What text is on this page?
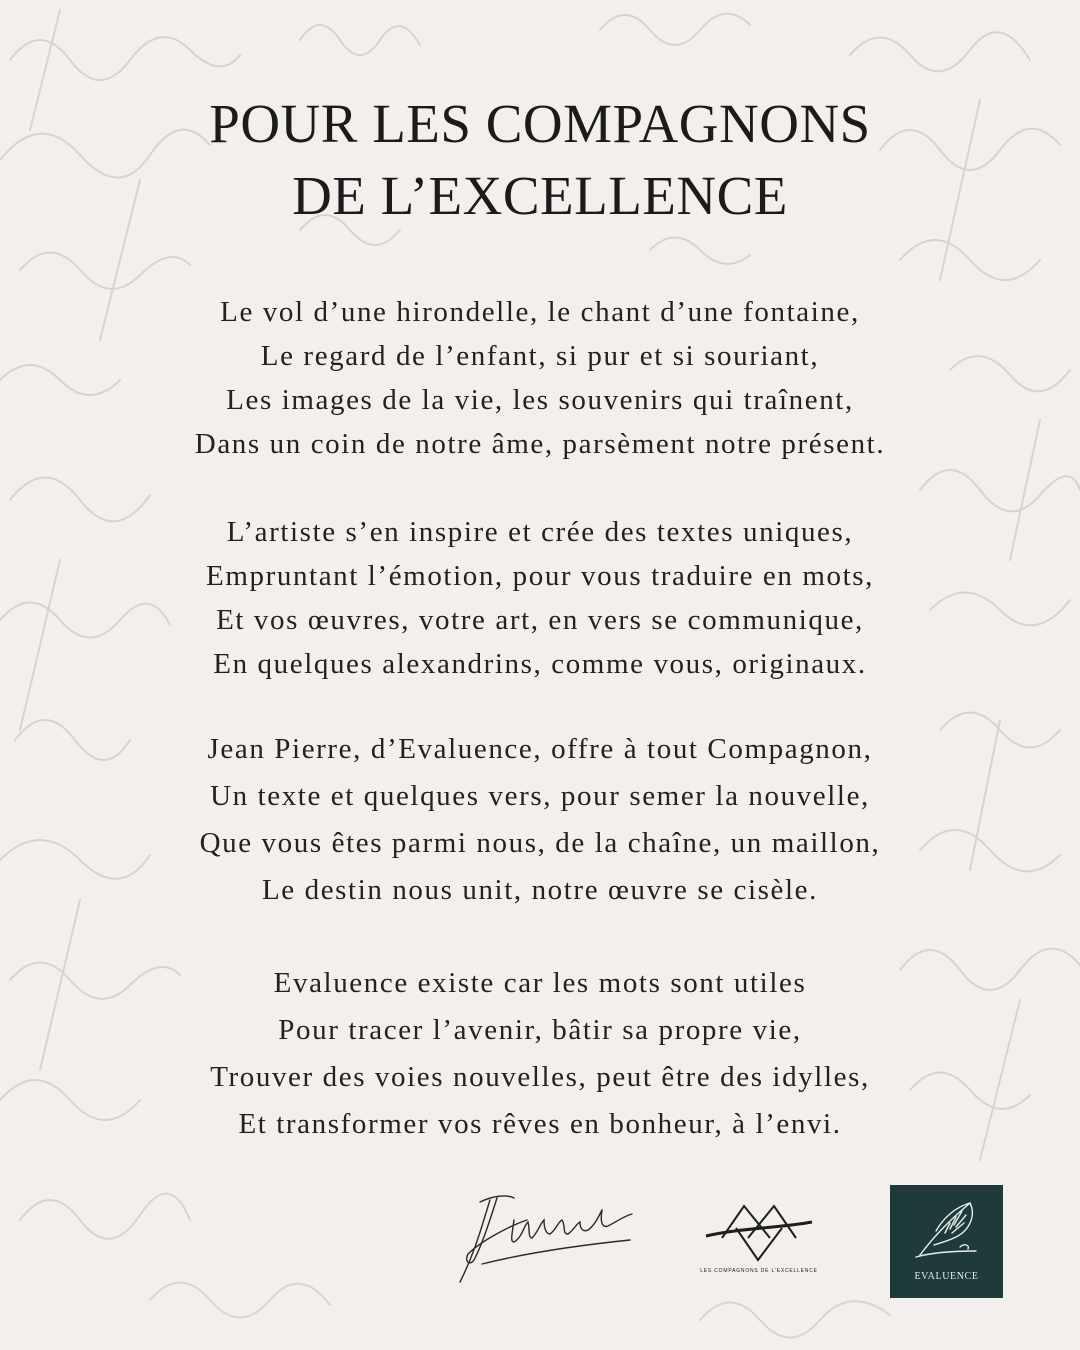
POUR LES COMPAGNONS
DE L’EXCELLENCE
Le vol d’une hirondelle, le chant d’une fontaine,
Le regard de l’enfant, si pur et si souriant,
Les images de la vie, les souvenirs qui traînent,
Dans un coin de notre âme, parsèment notre présent.
L’artiste s’en inspire et crée des textes uniques,
Empruntant l’émotion, pour vous traduire en mots,
Et vos œuvres, votre art, en vers se communique,
En quelques alexandrins, comme vous, originaux.
Jean Pierre, d’Evaluence, offre à tout Compagnon,
Un texte et quelques vers, pour semer la nouvelle,
Que vous êtes parmi nous, de la chaîne, un maillon,
Le destin nous unit, notre œuvre se cisèle.
Evaluence existe car les mots sont utiles
Pour tracer l’avenir, bâtir sa propre vie,
Trouver des voies nouvelles, peut être des idylles,
Et transformer vos rêves en bonheur, à l’envi.
LES COMPAGNONS DE L’EXCELLENCE	EVALUENCE
